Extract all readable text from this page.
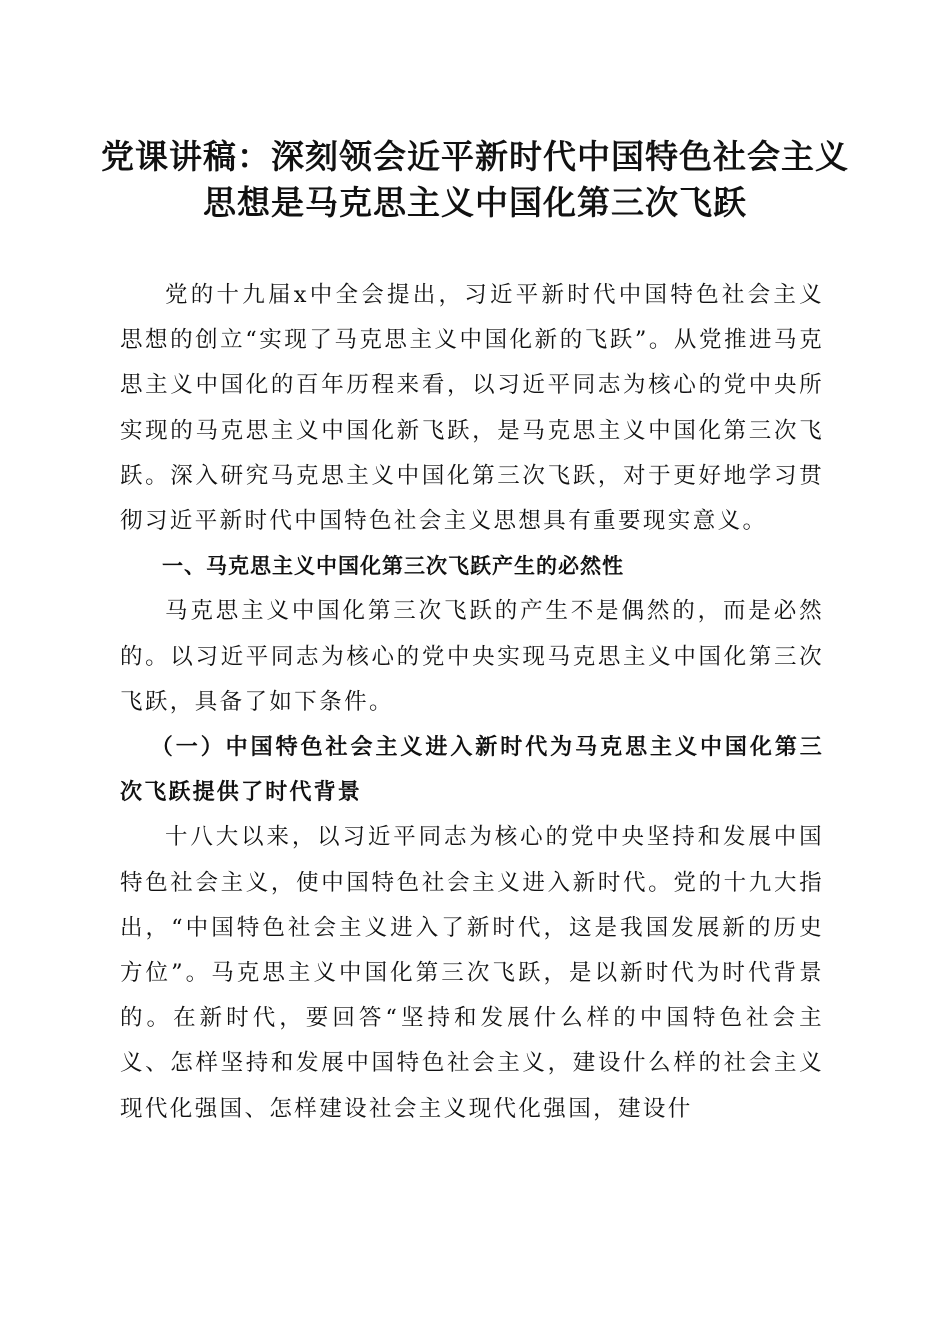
党课讲稿：深刻领会近平新时代中国特色社会主义思想是马克思主义中国化第三次飞跃

党的十九届x中全会提出，习近平新时代中国特色社会主义思想的创立“实现了马克思主义中国化新的飞跃”。从党推进马克思主义中国化的百年历程来看，以习近平同志为核心的党中央所实现的马克思主义中国化新飞跃，是马克思主义中国化第三次飞跃。深入研究马克思主义中国化第三次飞跃，对于更好地学习贯彻习近平新时代中国特色社会主义思想具有重要现实意义。

一、马克思主义中国化第三次飞跃产生的必然性

马克思主义中国化第三次飞跃的产生不是偶然的，而是必然的。以习近平同志为核心的党中央实现马克思主义中国化第三次飞跃，具备了如下条件。

（一）中国特色社会主义进入新时代为马克思主义中国化第三次飞跃提供了时代背景

十八大以来，以习近平同志为核心的党中央坚持和发展中国特色社会主义，使中国特色社会主义进入新时代。党的十九大指出，“中国特色社会主义进入了新时代，这是我国发展新的历史方位”。马克思主义中国化第三次飞跃，是以新时代为时代背景的。在新时代，要回答“坚持和发展什么样的中国特色社会主义、怎样坚持和发展中国特色社会主义，建设什么样的社会主义现代化强国、怎样建设社会主义现代化强国，建设什
